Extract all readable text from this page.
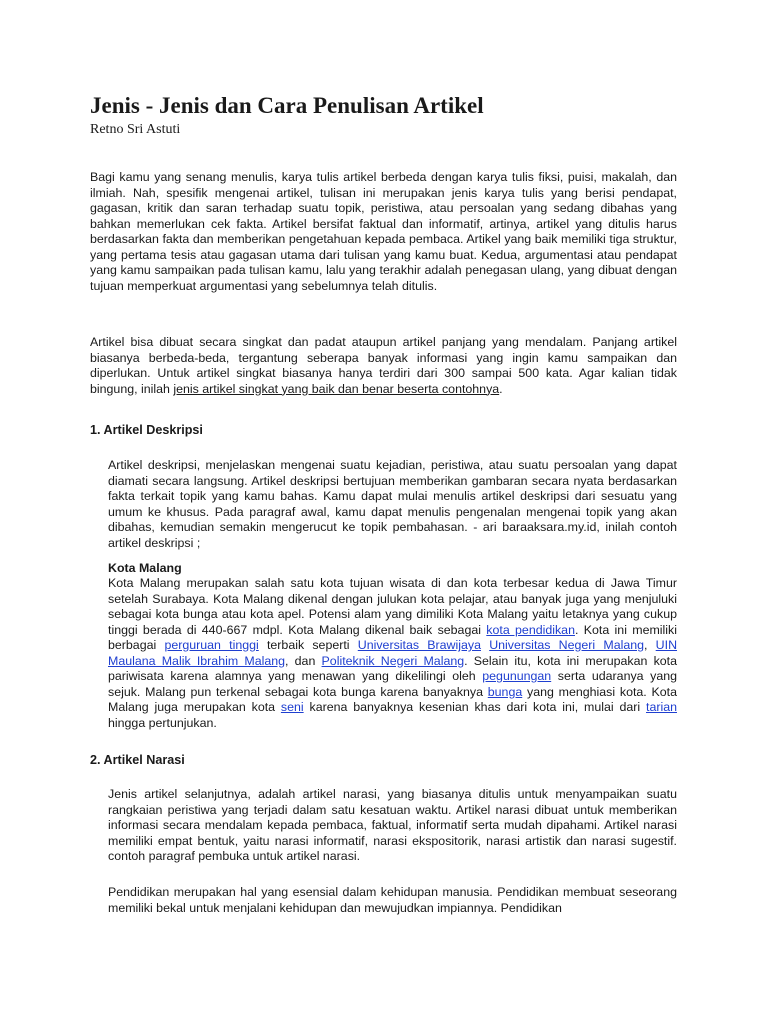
Jenis - Jenis dan Cara Penulisan Artikel
Retno Sri Astuti

Bagi kamu yang senang menulis, karya tulis artikel berbeda dengan karya tulis fiksi, puisi, makalah, dan ilmiah. Nah, spesifik mengenai artikel, tulisan ini merupakan jenis karya tulis yang berisi pendapat, gagasan, kritik dan saran terhadap suatu topik, peristiwa, atau persoalan yang sedang dibahas yang bahkan memerlukan cek fakta. Artikel bersifat faktual dan informatif, artinya, artikel yang ditulis harus berdasarkan fakta dan memberikan pengetahuan kepada pembaca. Artikel yang baik memiliki tiga struktur, yang pertama tesis atau gagasan utama dari tulisan yang kamu buat. Kedua, argumentasi atau pendapat yang kamu sampaikan pada tulisan kamu, lalu yang terakhir adalah penegasan ulang, yang dibuat dengan tujuan memperkuat argumentasi yang sebelumnya telah ditulis.

Artikel bisa dibuat secara singkat dan padat ataupun artikel panjang yang mendalam. Panjang artikel biasanya berbeda-beda, tergantung seberapa banyak informasi yang ingin kamu sampaikan dan diperlukan. Untuk artikel singkat biasanya hanya terdiri dari 300 sampai 500 kata. Agar kalian tidak bingung, inilah jenis artikel singkat yang baik dan benar beserta contohnya.

1. Artikel Deskripsi

Artikel deskripsi, menjelaskan mengenai suatu kejadian, peristiwa, atau suatu persoalan yang dapat diamati secara langsung. Artikel deskripsi bertujuan memberikan gambaran secara nyata berdasarkan fakta terkait topik yang kamu bahas. Kamu dapat mulai menulis artikel deskripsi dari sesuatu yang umum ke khusus. Pada paragraf awal, kamu dapat menulis pengenalan mengenai topik yang akan dibahas, kemudian semakin mengerucut ke topik pembahasan. - ari baraaksara.my.id, inilah contoh artikel deskripsi ;

Kota Malang

Kota Malang merupakan salah satu kota tujuan wisata di dan kota terbesar kedua di Jawa Timur setelah Surabaya. Kota Malang dikenal dengan julukan kota pelajar, atau banyak juga yang menjuluki sebagai kota bunga atau kota apel. Potensi alam yang dimiliki Kota Malang yaitu letaknya yang cukup tinggi berada di 440-667 mdpl. Kota Malang dikenal baik sebagai kota pendidikan. Kota ini memiliki berbagai perguruan tinggi terbaik seperti Universitas Brawijaya Universitas Negeri Malang, UIN Maulana Malik Ibrahim Malang, dan Politeknik Negeri Malang. Selain itu, kota ini merupakan kota pariwisata karena alamnya yang menawan yang dikelilingi oleh pegunungan serta udaranya yang sejuk. Malang pun terkenal sebagai kota bunga karena banyaknya bunga yang menghiasi kota. Kota Malang juga merupakan kota seni karena banyaknya kesenian khas dari kota ini, mulai dari tarian hingga pertunjukan.

2. Artikel Narasi

Jenis artikel selanjutnya, adalah artikel narasi, yang biasanya ditulis untuk menyampaikan suatu rangkaian peristiwa yang terjadi dalam satu kesatuan waktu. Artikel narasi dibuat untuk memberikan informasi secara mendalam kepada pembaca, faktual, informatif serta mudah dipahami. Artikel narasi memiliki empat bentuk, yaitu narasi informatif, narasi ekspositorik, narasi artistik dan narasi sugestif. contoh paragraf pembuka untuk artikel narasi.

Pendidikan merupakan hal yang esensial dalam kehidupan manusia. Pendidikan membuat seseorang memiliki bekal untuk menjalani kehidupan dan mewujudkan impiannya. Pendidikan
